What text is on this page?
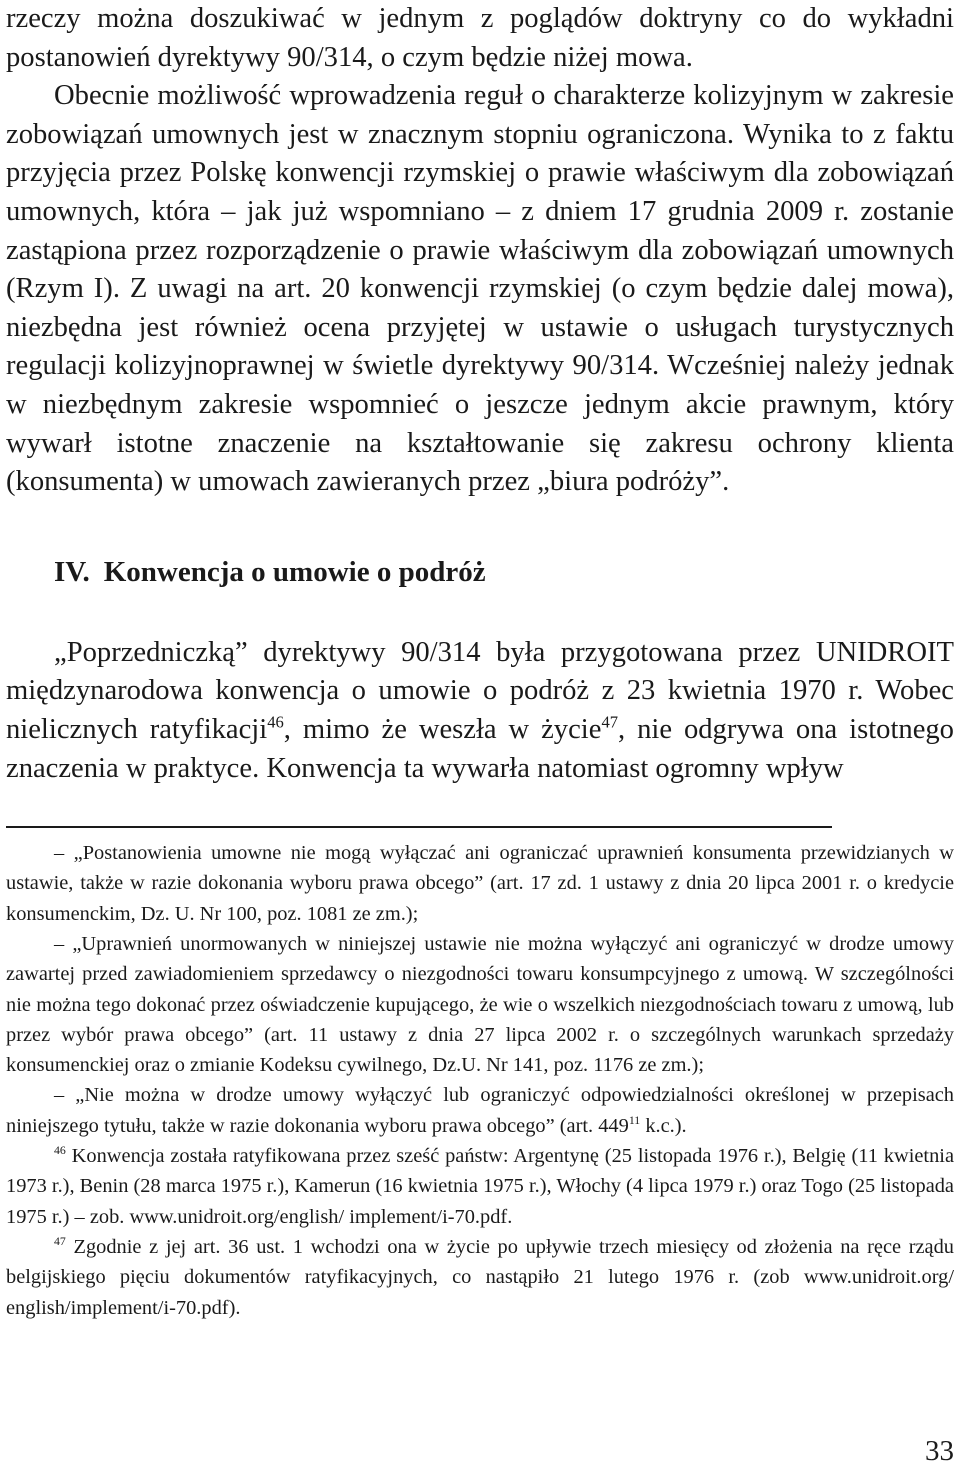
rzeczy można doszukiwać w jednym z poglądów doktryny co do wykładni postanowień dyrektywy 90/314, o czym będzie niżej mowa.

Obecnie możliwość wprowadzenia reguł o charakterze kolizyjnym w zakresie zobowiązań umownych jest w znacznym stopniu ograniczona. Wynika to z faktu przyjęcia przez Polskę konwencji rzymskiej o prawie właściwym dla zobowiązań umownych, która – jak już wspomniano – z dniem 17 grudnia 2009 r. zostanie zastąpiona przez rozporządzenie o prawie właściwym dla zobowiązań umownych (Rzym I). Z uwagi na art. 20 konwencji rzymskiej (o czym będzie dalej mowa), niezbędna jest również ocena przyjętej w ustawie o usługach turystycznych regulacji kolizyjnoprawnej w świetle dyrektywy 90/314. Wcześniej należy jednak w niezbędnym zakresie wspomnieć o jeszcze jednym akcie prawnym, który wywarł istotne znaczenie na kształtowanie się zakresu ochrony klienta (konsumenta) w umowach zawieranych przez „biura podróży”.

IV. Konwencja o umowie o podróż

„Poprzedniczką” dyrektywy 90/314 była przygotowana przez UNIDROIT międzynarodowa konwencja o umowie o podróż z 23 kwietnia 1970 r. Wobec nielicznych ratyfikacji$^{46}$, mimo że weszła w życie$^{47}$, nie odgrywa ona istotnego znaczenia w praktyce. Konwencja ta wywarła natomiast ogromny wpływ

– „Postanowienia umowne nie mogą wyłączać ani ograniczać uprawnień konsumenta przewidzianych w ustawie, także w razie dokonania wyboru prawa obcego” (art. 17 zd. 1 ustawy z dnia 20 lipca 2001 r. o kredycie konsumenckim, Dz. U. Nr 100, poz. 1081 ze zm.);

– „Uprawnień unormowanych w niniejszej ustawie nie można wyłączyć ani ograniczyć w drodze umowy zawartej przed zawiadomieniem sprzedawcy o niezgodności towaru konsumpcyjnego z umową. W szczególności nie można tego dokonać przez oświadczenie kupującego, że wie o wszelkich niezgodnościach towaru z umową, lub przez wybór prawa obcego” (art. 11 ustawy z dnia 27 lipca 2002 r. o szczególnych warunkach sprzedaży konsumenckiej oraz o zmianie Kodeksu cywilnego, Dz.U. Nr 141, poz. 1176 ze zm.);

– „Nie można w drodze umowy wyłączyć lub ograniczyć odpowiedzialności określonej w przepisach niniejszego tytułu, także w razie dokonania wyboru prawa obcego” (art. $449^{11}$ k.c.).

$^{46}$ Konwencja została ratyfikowana przez sześć państw: Argentynę (25 listopada 1976 r.), Belgię (11 kwietnia 1973 r.), Benin (28 marca 1975 r.), Kamerun (16 kwietnia 1975 r.), Włochy (4 lipca 1979 r.) oraz Togo (25 listopada 1975 r.) – zob. www.unidroit.org/english/ implement/i-70.pdf.

$^{47}$ Zgodnie z jej art. 36 ust. 1 wchodzi ona w życie po upływie trzech miesięcy od złożenia na ręce rządu belgijskiego pięciu dokumentów ratyfikacyjnych, co nastąpiło 21 lutego 1976 r. (zob www.unidroit.org/ english/implement/i-70.pdf).

33
